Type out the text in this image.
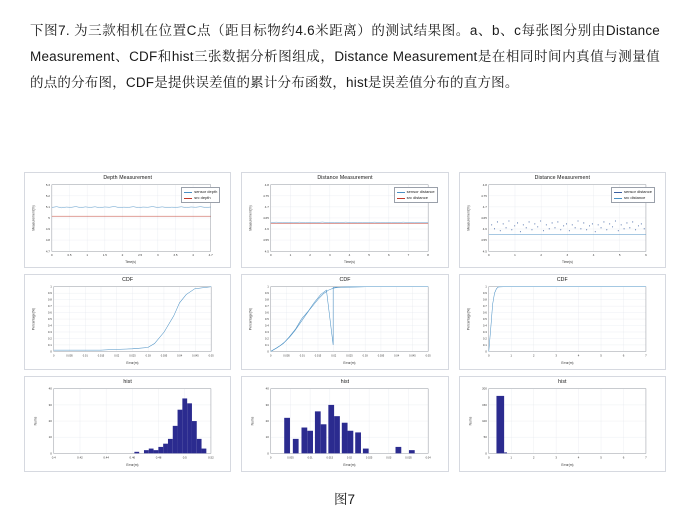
下图7. 为三款相机在位置C点（距目标物约4.6米距离）的测试结果图。a、b、c每张图分别由Distance Measurement、CDF和hist三张数据分析图组成，Distance Measurement是在相同时间内真值与测量值的点的分布图，CDF是提供误差值的累计分布函数，hist是误差值分布的直方图。
Depth Measurement
0	0.5	1	1.5	2	2.5	3	3.5	4	4.7
Time(s)
4.7
4.8
4.9
5
5.1
5.2
5.3
Measurement(m)
sensor depth
src depth
Distance Measurement
0	1	2	3	4	5	6	7	8
Time(s)
4.5
4.55
4.6
4.65
4.7
4.75
4.8
Measurement(m)
sensor distance
src distance
Distance Measurement
0	1	2	3	4	5	6
Time(s)
4.5
4.55
4.6
4.65
4.7
4.75
4.8
Measurement(m)
sensor distance
src distance
CDF
0	0.005	0.01	0.015	0.02	0.025	0.03	0.035	0.04	0.045	0.05
Error(m)
0
0.1
0.2
0.3
0.4
0.5
0.6
0.7
0.8
0.9
1
Percentage(%)
CDF
0	0.005	0.01	0.015	0.02	0.025	0.03	0.035	0.04	0.045	0.05
Error(m)
0
0.1
0.2
0.3
0.4
0.5
0.6
0.7
0.8
0.9
1
Percentage(%)
CDF
0	1	2	3	4	5	6	7
Error(m)
0
0.1
0.2
0.3
0.4
0.5
0.6
0.7
0.8
0.9
1
Percentage(%)
hist
0.4	0.42	0.44	0.46	0.48	0.5	0.52
Error(m)
0
10
20
30
40
Nums
hist
0	0.005	0.01	0.015	0.02	0.025	0.03	0.035	0.04
Error(m)
0
10
20
30
40
Nums
hist
0	1	2	3	4	5	6	7
Error(m)
0
50
100
150
200
Nums
图7
